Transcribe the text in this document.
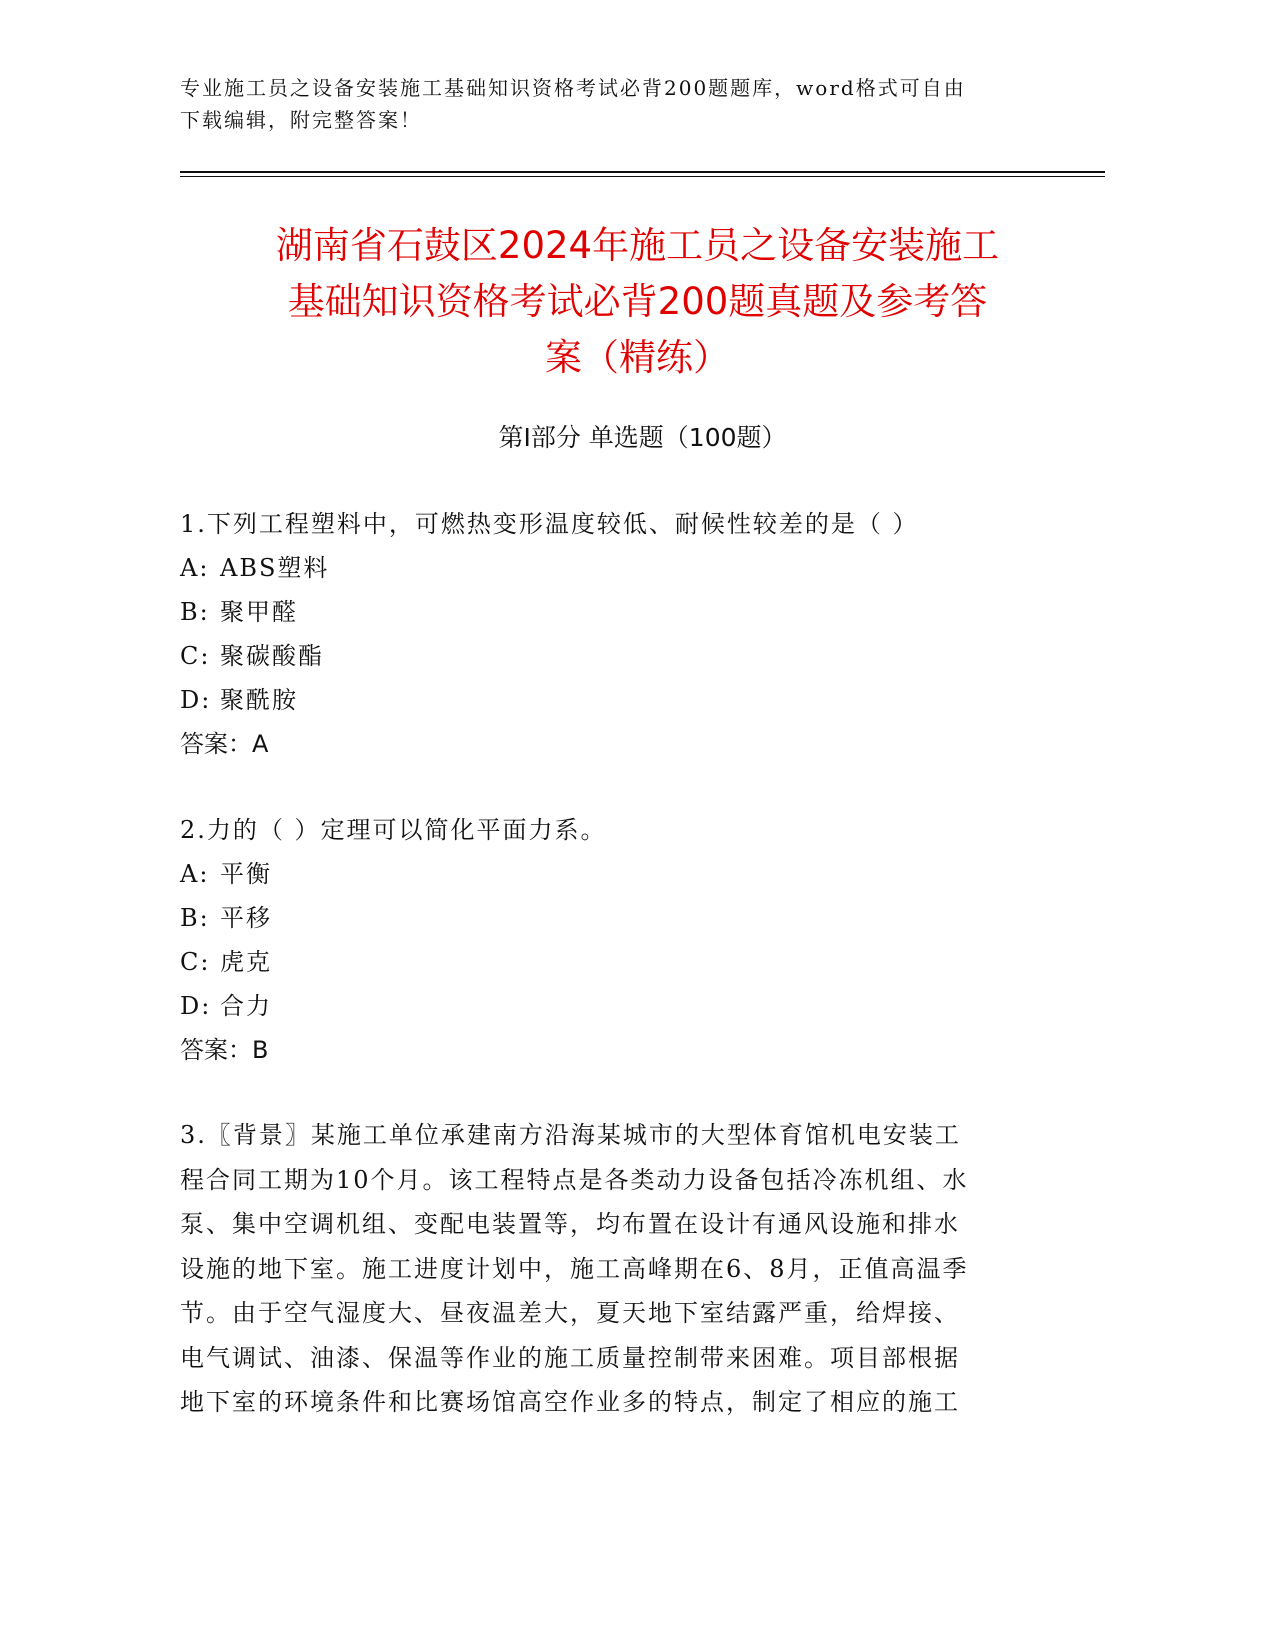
专业施工员之设备安装施工基础知识资格考试必背200题题库，word格式可自由
下载编辑，附完整答案！
湖南省石鼓区2024年施工员之设备安装施工
基础知识资格考试必背200题真题及参考答
案（精练）
第I部分 单选题（100题）

1.下列工程塑料中，可燃热变形温度较低、耐候性较差的是（ ）

A: ABS塑料

B: 聚甲醛

C: 聚碳酸酯

D: 聚酰胺

答案：A

2.力的（ ）定理可以简化平面力系。

A: 平衡

B: 平移

C: 虎克

D: 合力

答案：B

3.〖背景〗某施工单位承建南方沿海某城市的大型体育馆机电安装工

程合同工期为10个月。该工程特点是各类动力设备包括冷冻机组、水

泵、集中空调机组、变配电装置等，均布置在设计有通风设施和排水

设施的地下室。施工进度计划中，施工高峰期在6、8月，正值高温季

节。由于空气湿度大、昼夜温差大，夏天地下室结露严重，给焊接、

电气调试、油漆、保温等作业的施工质量控制带来困难。项目部根据

地下室的环境条件和比赛场馆高空作业多的特点，制定了相应的施工
